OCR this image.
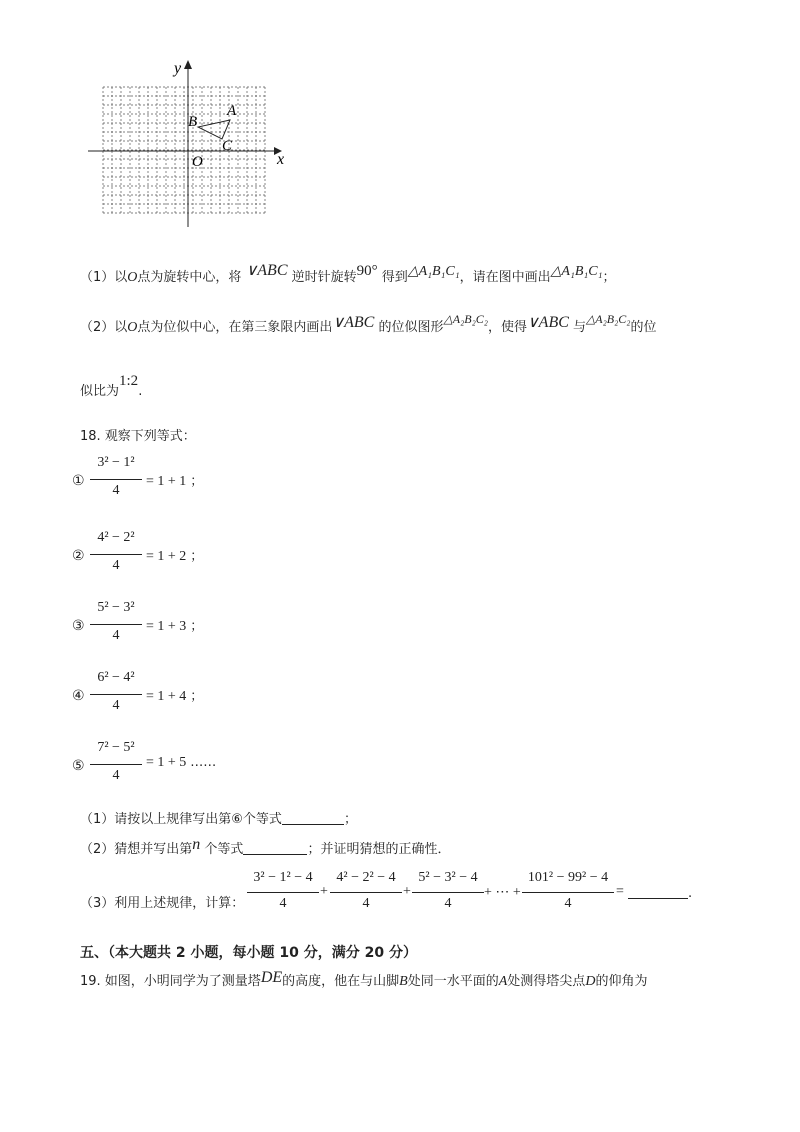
y
x
O
A
B
C
（1）以O点为旋转中心，将 ∨ABC 逆时针旋转90° 得到△A₁B₁C₁，请在图中画出△A₁B₁C₁；
（2）以O点为位似中心，在第三象限内画出∨ABC 的位似图形△A₂B₂C₂，使得∨ABC 与△A₂B₂C₂的位
似比为1:2.
18. 观察下列等式：
①
3² − 1²
4
= 1 + 1 ；
②
4² − 2²
4
= 1 + 2 ；
③
5² − 3²
4
= 1 + 3 ；
④
6² − 4²
4
= 1 + 4 ；
⑤
7² − 5²
4
= 1 + 5 ……
（1）请按以上规律写出第⑥个等式	；
（2）猜想并写出第n 个等式	；并证明猜想的正确性．
（3）利用上述规律，计算：
3² − 1² − 4
4
4² − 2² − 4
4
5² − 3² − 4
4
101² − 99² − 4
4
+	+	+ ⋯ +	=	.
五、（本大题共 2 小题，每小题 10 分，满分 20 分）
19. 如图，小明同学为了测量塔DE的高度，他在与山脚B处同一水平面的A处测得塔尖点D的仰角为
